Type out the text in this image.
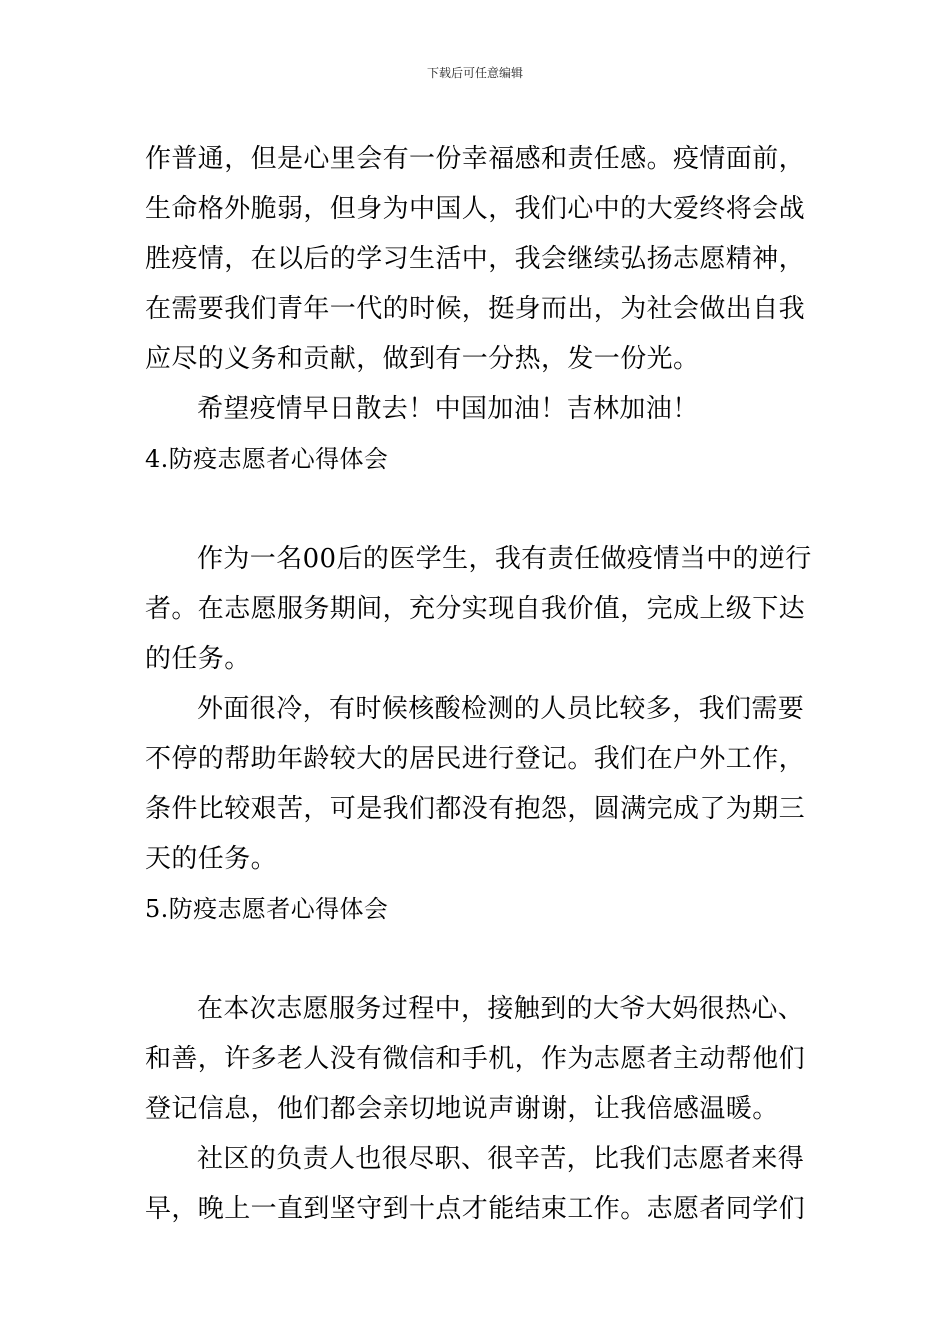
下载后可任意编辑
作普通，但是心里会有一份幸福感和责任感。疫情面前，
生命格外脆弱，但身为中国人，我们心中的大爱终将会战
胜疫情，在以后的学习生活中，我会继续弘扬志愿精神，
在需要我们青年一代的时候，挺身而出，为社会做出自我
应尽的义务和贡献，做到有一分热，发一份光。
希望疫情早日散去！中国加油！吉林加油！
4.防疫志愿者心得体会
作为一名00后的医学生，我有责任做疫情当中的逆行
者。在志愿服务期间，充分实现自我价值，完成上级下达
的任务。
外面很冷，有时候核酸检测的人员比较多，我们需要
不停的帮助年龄较大的居民进行登记。我们在户外工作，
条件比较艰苦，可是我们都没有抱怨，圆满完成了为期三
天的任务。
5.防疫志愿者心得体会
在本次志愿服务过程中，接触到的大爷大妈很热心、
和善，许多老人没有微信和手机，作为志愿者主动帮他们
登记信息，他们都会亲切地说声谢谢，让我倍感温暖。
社区的负责人也很尽职、很辛苦，比我们志愿者来得
早，晚上一直到坚守到十点才能结束工作。志愿者同学们
